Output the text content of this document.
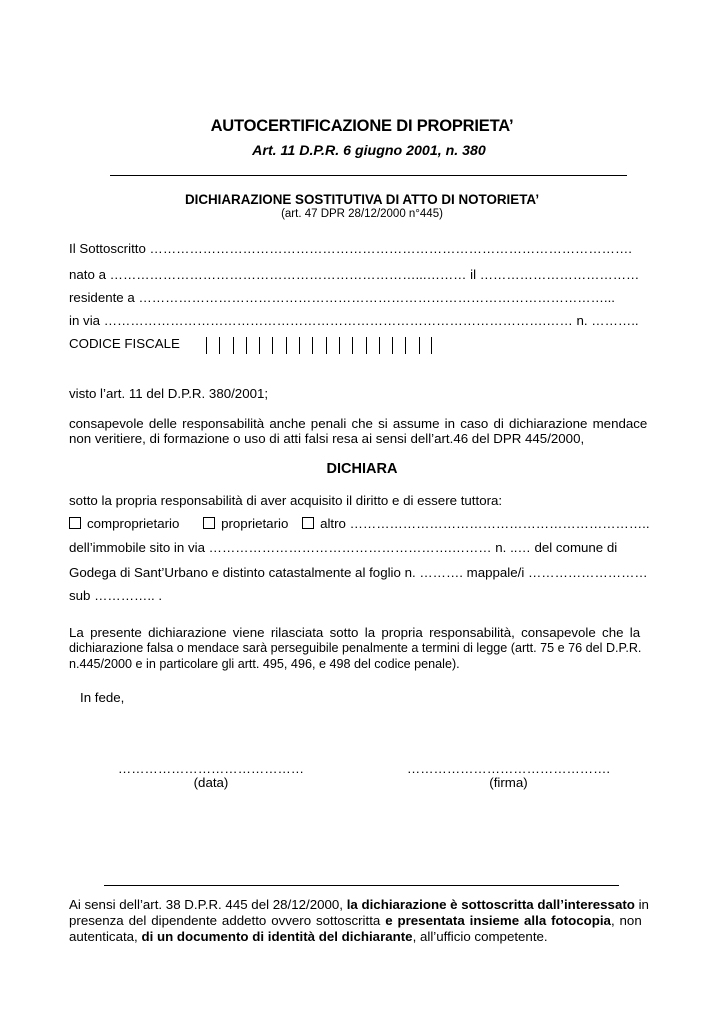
AUTOCERTIFICAZIONE DI PROPRIETA’
Art. 11 D.P.R. 6 giugno 2001, n. 380
DICHIARAZIONE SOSTITUTIVA DI ATTO DI NOTORIETA’
(art. 47 DPR 28/12/2000 n°445)
Il Sottoscritto ……………………………………………………………………………………………….
nato a ……………………………………………………………...……… il ………………………………
residente a ……………………………………………………………………………………………...
in via ……………………………………………………………………………………….…… n. ………..
CODICE FISCALE
visto l’art. 11 del D.P.R. 380/2001;
consapevole delle responsabilità anche penali che si assume in caso di dichiarazione mendace
non veritiere, di formazione o uso di atti falsi resa ai sensi dell’art.46 del DPR 445/2000,
DICHIARA
sotto la propria responsabilità di aver acquisito il diritto e di essere tuttora:
comproprietario	proprietario altro …………………………………………………………..
dell’immobile sito in via ……………………………………………….……… n. ..… del comune di
Godega di Sant’Urbano e distinto catastalmente al foglio n. ………. mappale/i ………………………
sub ………….. .
La presente dichiarazione viene rilasciata sotto la propria responsabilità, consapevole che la
dichiarazione falsa o mendace sarà perseguibile penalmente a termini di legge (artt. 75 e 76 del D.P.R.
n.445/2000 e in particolare gli artt. 495, 496, e 498 del codice penale).
In fede,
……………………………………
(data)
……………………………………….
(firma)
Ai sensi dell’art. 38 D.P.R. 445 del 28/12/2000, la dichiarazione è sottoscritta dall’interessato in
presenza del dipendente addetto ovvero sottoscritta e presentata insieme alla fotocopia, non
autenticata, di un documento di identità del dichiarante, all’ufficio competente.
